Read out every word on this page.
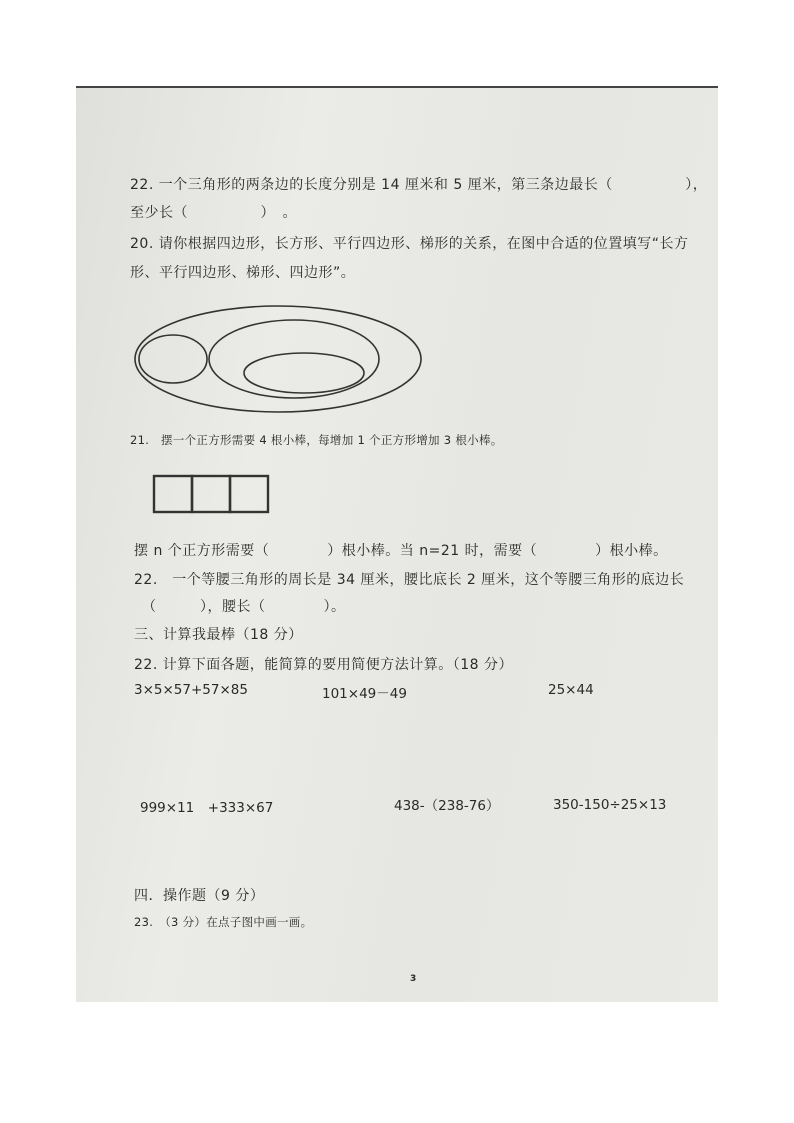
22. 一个三角形的两条边的长度分别是 14 厘米和 5 厘米，第三条边最长（　　　　　），
至少长（　　　　　）　。
20. 请你根据四边形，长方形、平行四边形、梯形的关系，在图中合适的位置填写“长方
形、平行四边形、梯形、四边形”。
21.　摆一个正方形需要 4 根小棒，每增加 1 个正方形增加 3 根小棒。
摆 n 个正方形需要（　　　　）根小棒。当 n=21 时，需要（　　　　）根小棒。
22.　一个等腰三角形的周长是 34 厘米，腰比底长 2 厘米，这个等腰三角形的底边长
（　　　），腰长（　　　　）。
三、计算我最棒（18 分）
22. 计算下面各题，能简算的要用简便方法计算。（18 分）
3×5×57+57×85	101×49－49	25×44
999×11　+333×67	438-（238-76）	350-150÷25×13
四．操作题（9 分）
23.　（3 分）在点子图中画一画。
3
